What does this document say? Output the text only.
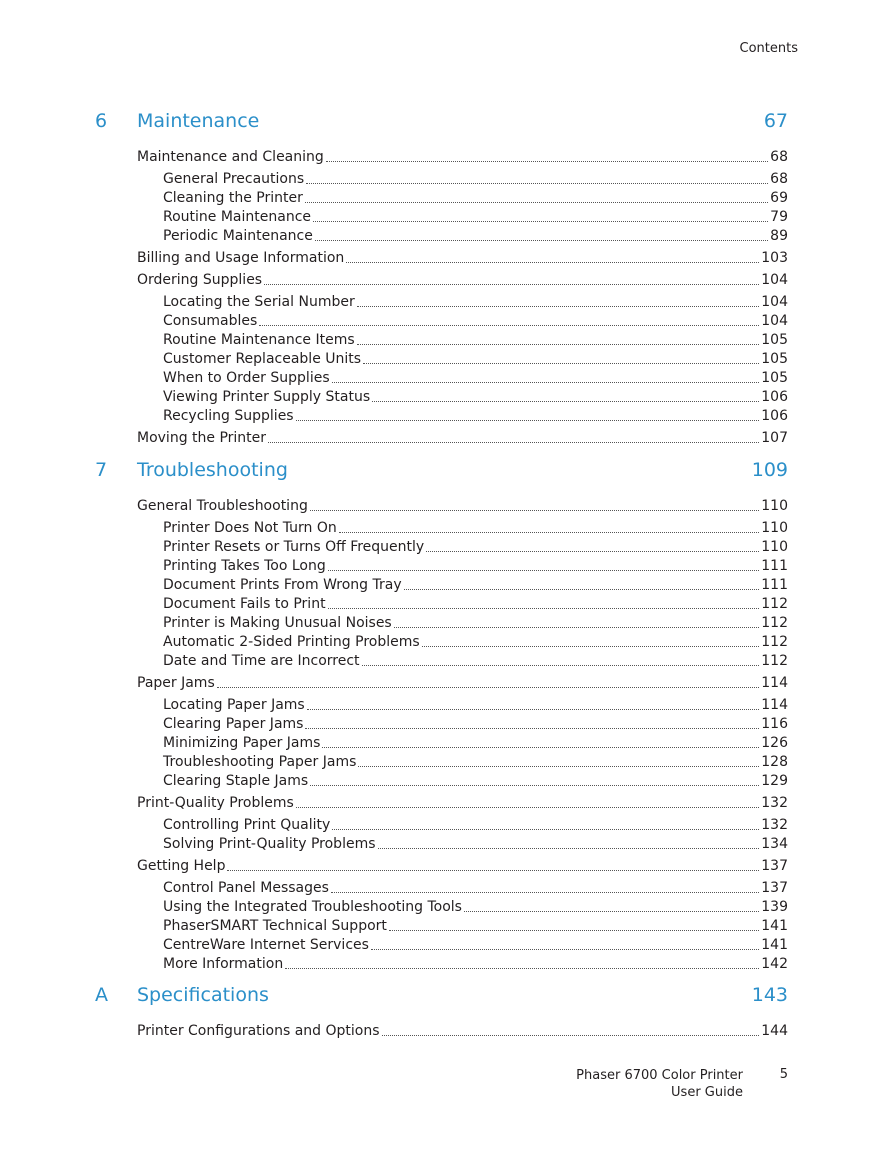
Contents
6 Maintenance	67
Maintenance and Cleaning	68
General Precautions	68
Cleaning the Printer	69
Routine Maintenance	79
Periodic Maintenance	89
Billing and Usage Information	103
Ordering Supplies	104
Locating the Serial Number	104
Consumables	104
Routine Maintenance Items	105
Customer Replaceable Units	105
When to Order Supplies	105
Viewing Printer Supply Status	106
Recycling Supplies	106
Moving the Printer	107
7 Troubleshooting	109
General Troubleshooting	110
Printer Does Not Turn On	110
Printer Resets or Turns Off Frequently	110
Printing Takes Too Long	111
Document Prints From Wrong Tray	111
Document Fails to Print	112
Printer is Making Unusual Noises	112
Automatic 2-Sided Printing Problems	112
Date and Time are Incorrect	112
Paper Jams	114
Locating Paper Jams	114
Clearing Paper Jams	116
Minimizing Paper Jams	126
Troubleshooting Paper Jams	128
Clearing Staple Jams	129
Print-Quality Problems	132
Controlling Print Quality	132
Solving Print-Quality Problems	134
Getting Help	137
Control Panel Messages	137
Using the Integrated Troubleshooting Tools	139
PhaserSMART Technical Support	141
CentreWare Internet Services	141
More Information	142
A Specifications	143
Printer Configurations and Options	144
Phaser 6700 Color Printer
User Guide
5
